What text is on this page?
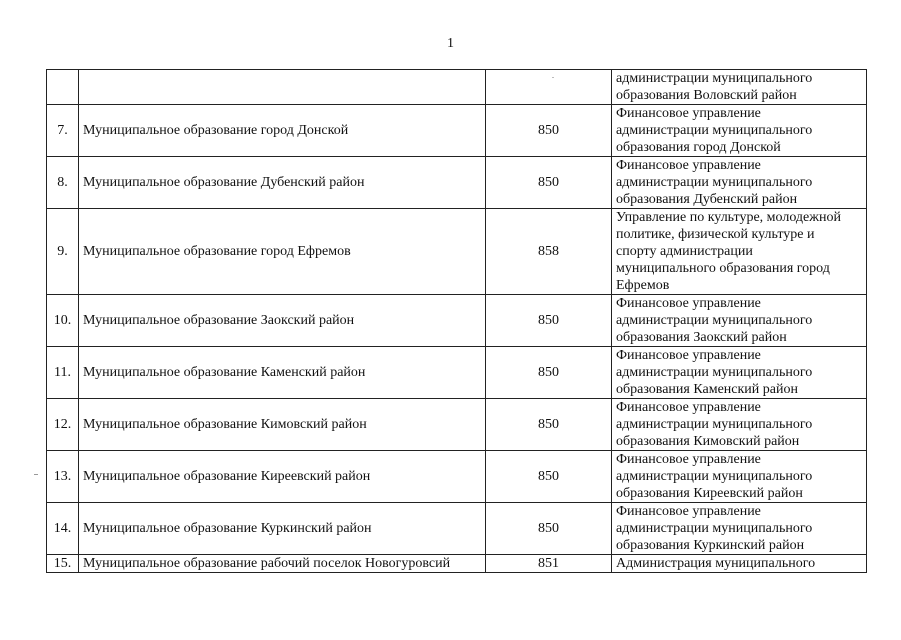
1

			администрации муниципального
образования Воловский район

7.	Муниципальное образование город Донской	850	Финансовое управление
администрации муниципального
образования город Донской

8.	Муниципальное образование Дубенский район	850	Финансовое управление
администрации муниципального
образования Дубенский район

9.	Муниципальное образование город Ефремов	858	Управление по культуре, молодежной
политике, физической культуре и
спорту администрации
муниципального образования город
Ефремов

10.	Муниципальное образование Заокский район	850	Финансовое управление
администрации муниципального
образования Заокский район

11.	Муниципальное образование Каменский район	850	Финансовое управление
администрации муниципального
образования Каменский район

12.	Муниципальное образование Кимовский район	850	Финансовое управление
администрации муниципального
образования Кимовский район

13.	Муниципальное образование Киреевский район	850	Финансовое управление
администрации муниципального
образования Киреевский район

14.	Муниципальное образование Куркинский район	850	Финансовое управление
администрации муниципального
образования Куркинский район

15.	Муниципальное образование рабочий поселок Новогуровсий	851	Администрация муниципального
